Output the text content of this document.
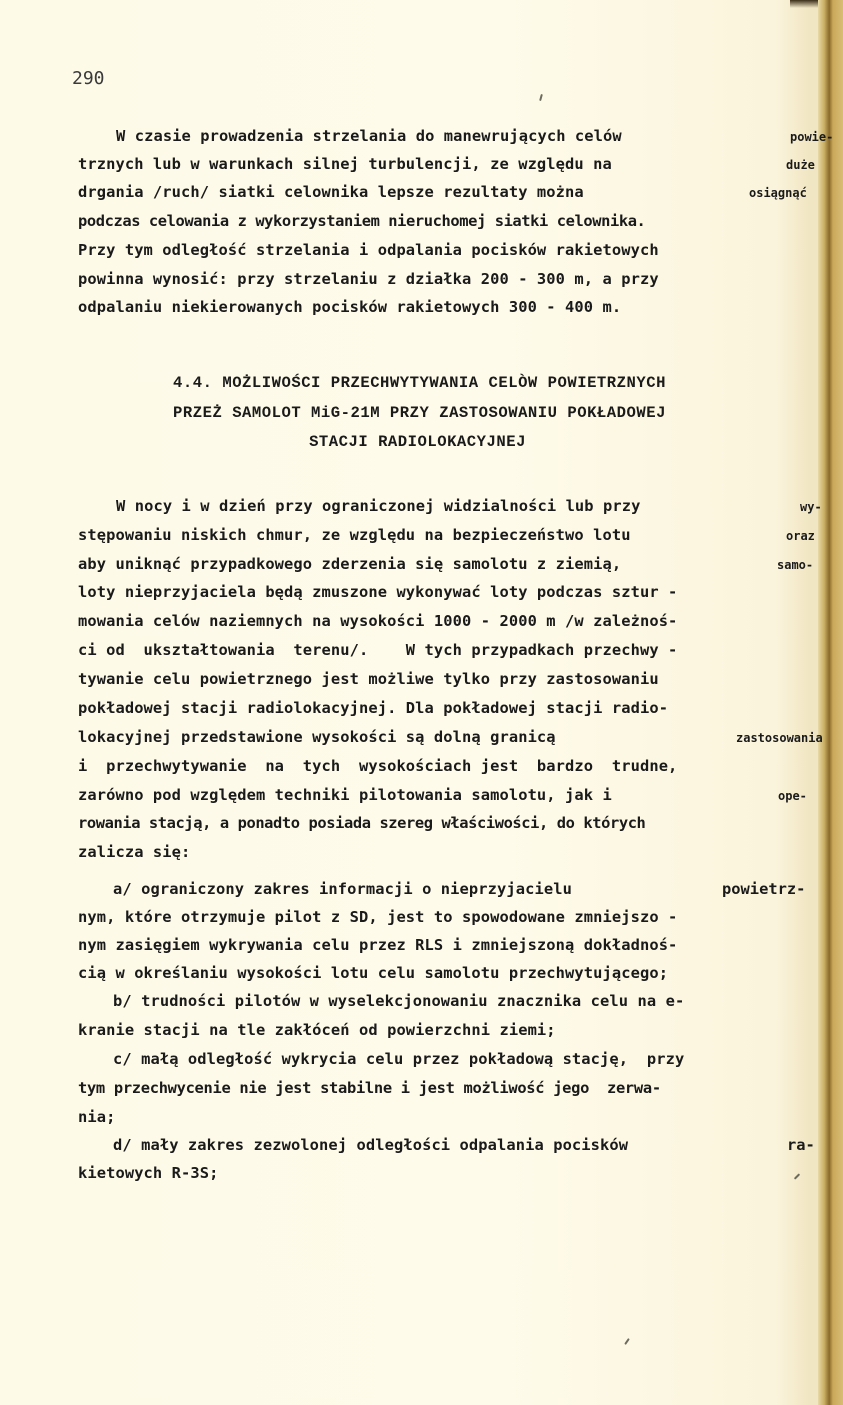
290
W czasie prowadzenia strzelania do manewrujących celów	powie-
trznych lub w warunkach silnej turbulencji, ze względu na	duże
drgania /ruch/ siatki celownika lepsze rezultaty można	osiągnąć
podczas celowania z wykorzystaniem nieruchomej siatki celownika.
Przy tym odległość strzelania i odpalania pocisków rakietowych
powinna wynosić: przy strzelaniu z działka 200 - 300 m, a przy
odpalaniu niekierowanych pocisków rakietowych 300 - 400 m.
4.4. MOŻLIWOŚCI PRZECHWYTYWANIA CELÒW POWIETRZNYCH
PRZEŻ SAMOLOT MiG-21M PRZY ZASTOSOWANIU POKŁADOWEJ
STACJI RADIOLOKACYJNEJ
W nocy i w dzień przy ograniczonej widzialności lub przy	wy-
stępowaniu niskich chmur, ze względu na bezpieczeństwo lotu	oraz
aby uniknąć przypadkowego zderzenia się samolotu z ziemią,	samo-
loty nieprzyjaciela będą zmuszone wykonywać loty podczas sztur -
mowania celów naziemnych na wysokości 1000 - 2000 m /w zależnoś-
ci od  ukształtowania  terenu/.    W tych przypadkach przechwy -
tywanie celu powietrznego jest możliwe tylko przy zastosowaniu
pokładowej stacji radiolokacyjnej. Dla pokładowej stacji radio-
lokacyjnej przedstawione wysokości są dolną granicą	zastosowania
i  przechwytywanie  na  tych  wysokościach jest  bardzo  trudne,
zarówno pod względem techniki pilotowania samolotu, jak i	ope-
rowania stacją, a ponadto posiada szereg właściwości, do których
zalicza się:
a/ ograniczony zakres informacji o nieprzyjacielu	powietrz-
nym, które otrzymuje pilot z SD, jest to spowodowane zmniejszo -
nym zasięgiem wykrywania celu przez RLS i zmniejszoną dokładnoś-
cią w określaniu wysokości lotu celu samolotu przechwytującego;
b/ trudności pilotów w wyselekcjonowaniu znacznika celu na e-
kranie stacji na tle zakłóceń od powierzchni ziemi;
c/ małą odległość wykrycia celu przez pokładową stację,  przy
tym przechwycenie nie jest stabilne i jest możliwość jego  zerwa-
nia;
d/ mały zakres zezwolonej odległości odpalania pocisków	ra-
kietowych R-3S;
